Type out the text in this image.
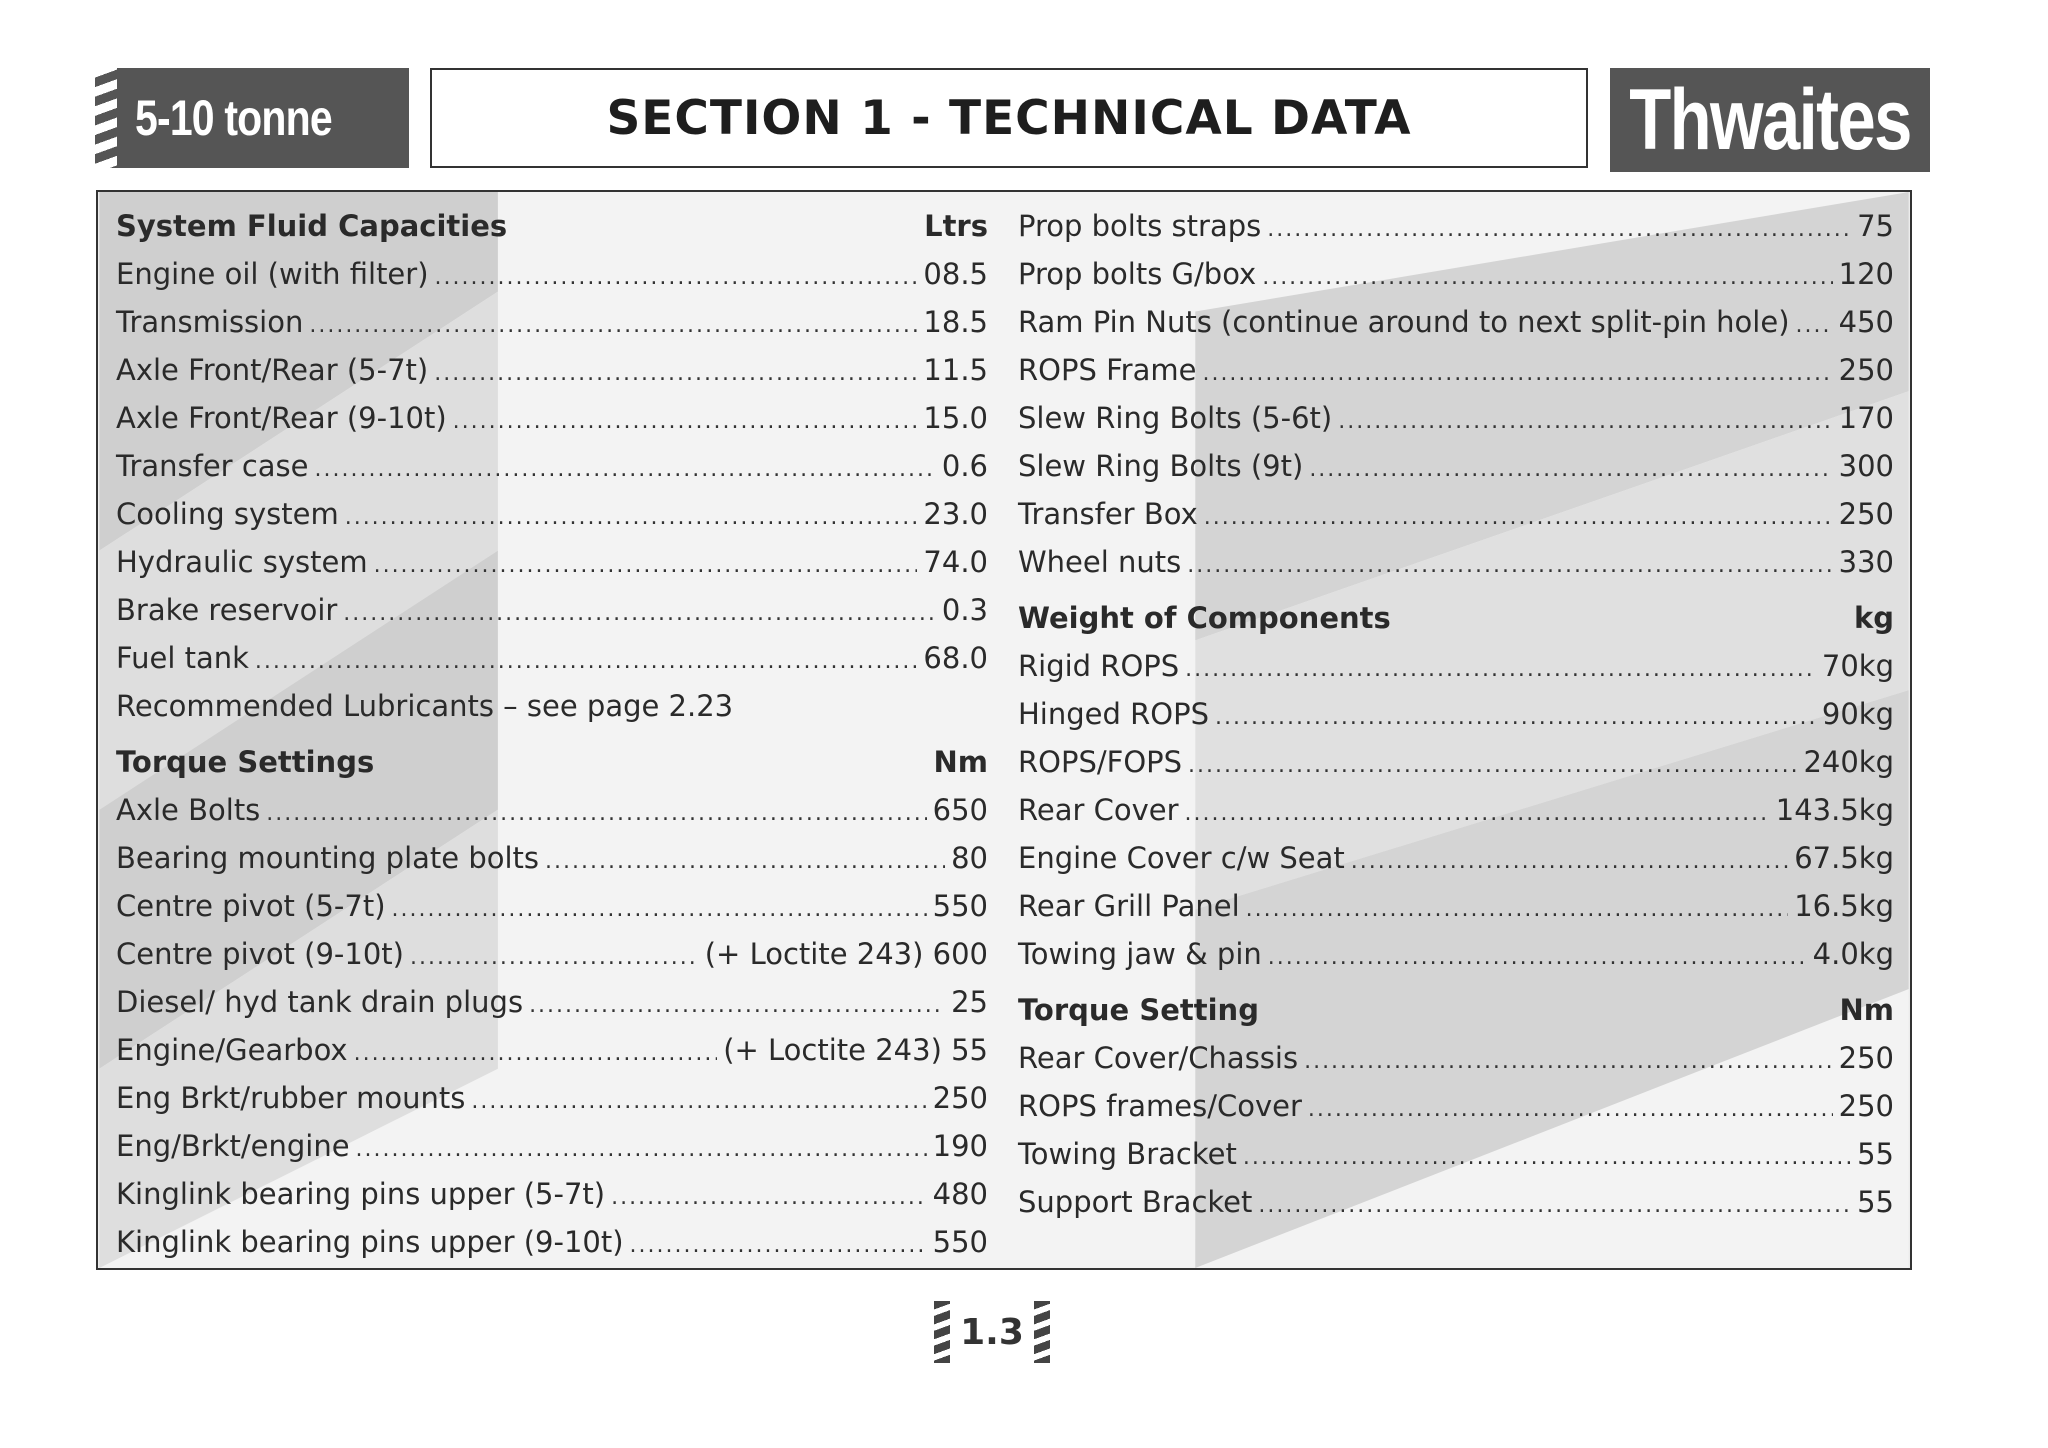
5-10 tonne	SECTION 1 - TECHNICAL DATA	Thwaites
System Fluid Capacities	Ltrs
Engine oil (with filter) .....	08.5
Transmission .....	18.5
Axle Front/Rear (5-7t) .....	11.5
Axle Front/Rear (9-10t) .....	15.0
Transfer case .....	0.6
Cooling system .....	23.0
Hydraulic system .....	74.0
Brake reservoir .....	0.3
Fuel tank .....	68.0
Recommended Lubricants – see page 2.23
Torque Settings	Nm
Axle Bolts .....	650
Bearing mounting plate bolts .....	80
Centre pivot (5-7t) .....	550
Centre pivot (9-10t) .....	(+ Loctite 243) 600
Diesel/ hyd tank drain plugs .....	25
Engine/Gearbox .....	(+ Loctite 243) 55
Eng Brkt/rubber mounts .....	250
Eng/Brkt/engine .....	190
Kinglink bearing pins upper (5-7t) .....	480
Kinglink bearing pins upper (9-10t) .....	550
Prop bolts straps .....	75
Prop bolts G/box .....	120
Ram Pin Nuts (continue around to next split-pin hole) ..... 450
ROPS Frame .....	250
Slew Ring Bolts (5-6t) .....	170
Slew Ring Bolts (9t) .....	300
Transfer Box .....	250
Wheel nuts .....	330
Weight of Components	kg
Rigid ROPS .....	70kg
Hinged ROPS .....	90kg
ROPS/FOPS .....	240kg
Rear Cover .....	143.5kg
Engine Cover c/w Seat .....	67.5kg
Rear Grill Panel .....	16.5kg
Towing jaw & pin .....	4.0kg
Torque Setting	Nm
Rear Cover/Chassis .....	250
ROPS frames/Cover .....	250
Towing Bracket .....	55
Support Bracket .....	55
1.3
